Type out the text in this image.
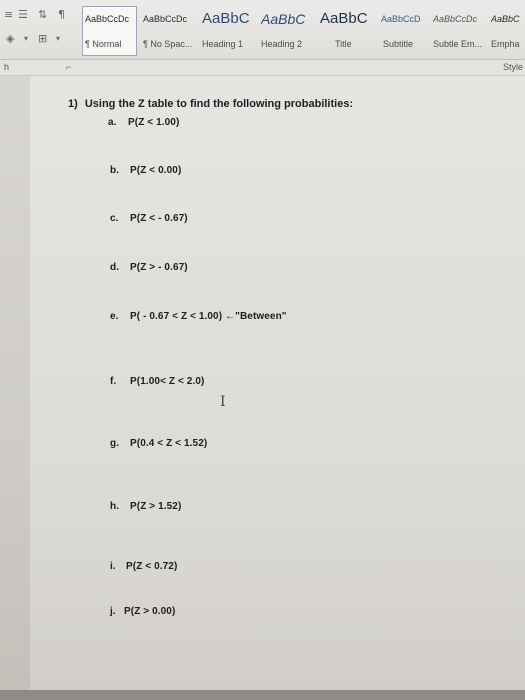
≡ ☰ ⇅ ¶
◈ ▾ ⊞ ▾
AaBbCcDc
¶ Normal
AaBbCcDc
¶ No Spac...
AaBbC
Heading 1
AaBbC
Heading 2
AaBbC
Title
AaBbCcD
Subtitle
AaBbCcDc
Subtle Em...
AaBbC
Empha
h	⌐	Style
1) Using the Z table to find the following probabilities:
a. P(Z < 1.00)
b. P(Z < 0.00)
c. P(Z < - 0.67)
d. P(Z > - 0.67)
e. P( - 0.67 < Z < 1.00) ←"Between"
f. P(1.00< Z < 2.0)
g. P(0.4 < Z < 1.52)
h. P(Z > 1.52)
i. P(Z < 0.72)
j. P(Z > 0.00)
I
